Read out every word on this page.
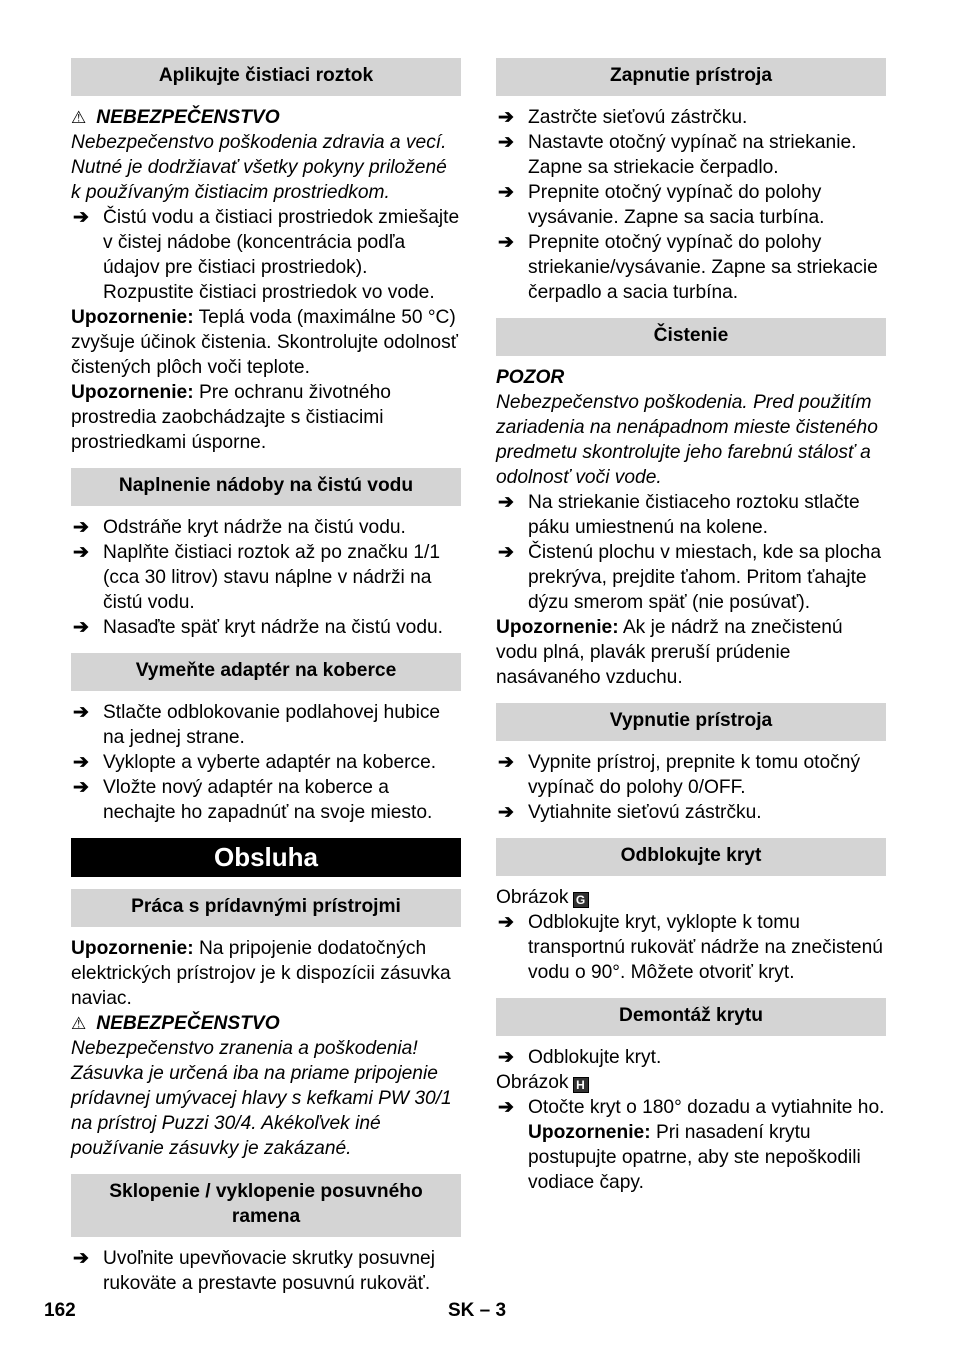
Aplikujte čistiaci roztok

⚠ NEBEZPEČENSTVO

Nebezpečenstvo poškodenia zdravia a vecí. Nutné je dodržiavať všetky pokyny priložené k používaným čistiacim prostriedkom.

➔ Čistú vodu a čistiaci prostriedok zmiešajte v čistej nádobe (koncentrácia podľa údajov pre čistiaci prostriedok). Rozpustite čistiaci prostriedok vo vode.

Upozornenie: Teplá voda (maximálne 50 °C) zvyšuje účinok čistenia. Skontrolujte odolnosť čistených plôch voči teplote.

Upozornenie: Pre ochranu životného prostredia zaobchádzajte s čistiacimi prostriedkami úsporne.

Naplnenie nádoby na čistú vodu

➔ Odstráňe kryt nádrže na čistú vodu.

➔ Naplňte čistiaci roztok až po značku 1/1 (cca 30 litrov) stavu náplne v nádrži na čistú vodu.

➔ Nasaďte späť kryt nádrže na čistú vodu.

Vymeňte adaptér na koberce

➔ Stlačte odblokovanie podlahovej hubice na jednej strane.

➔ Vyklopte a vyberte adaptér na koberce.

➔ Vložte nový adaptér na koberce a nechajte ho zapadnúť na svoje miesto.

Obsluha
Práca s prídavnými prístrojmi

Upozornenie: Na pripojenie dodatočných elektrických prístrojov je k dispozícii zásuvka naviac.

⚠ NEBEZPEČENSTVO

Nebezpečenstvo zranenia a poškodenia! Zásuvka je určená iba na priame pripojenie prídavnej umývacej hlavy s kefkami PW 30/1 na prístroj Puzzi 30/4. Akékoľvek iné používanie zásuvky je zakázané.

Sklopenie / vyklopenie posuvného ramena

➔ Uvoľnite upevňovacie skrutky posuvnej rukoväte a prestavte posuvnú rukoväť.

Zapnutie prístroja

➔ Zastrčte sieťovú zástrčku.

➔ Nastavte otočný vypínač na striekanie. Zapne sa striekacie čerpadlo.

➔ Prepnite otočný vypínač do polohy vysávanie. Zapne sa sacia turbína.

➔ Prepnite otočný vypínač do polohy striekanie/vysávanie. Zapne sa striekacie čerpadlo a sacia turbína.

Čistenie

POZOR

Nebezpečenstvo poškodenia. Pred použitím zariadenia na nenápadnom mieste čisteného predmetu skontrolujte jeho farebnú stálosť a odolnosť voči vode.

➔ Na striekanie čistiaceho roztoku stlačte páku umiestnenú na kolene.

➔ Čistenú plochu v miestach, kde sa plocha prekrýva, prejdite ťahom. Pritom ťahajte dýzu smerom späť (nie posúvať).

Upozornenie: Ak je nádrž na znečistenú vodu plná, plavák preruší prúdenie nasávaného vzduchu.

Vypnutie prístroja

➔ Vypnite prístroj, prepnite k tomu otočný vypínač do polohy 0/OFF.

➔ Vytiahnite sieťovú zástrčku.

Odblokujte kryt

Obrázok G

➔ Odblokujte kryt, vyklopte k tomu transportnú rukoväť nádrže na znečistenú vodu o 90°. Môžete otvoriť kryt.

Demontáž krytu

➔ Odblokujte kryt.

Obrázok H

➔ Otočte kryt o 180° dozadu a vytiahnite ho.

Upozornenie: Pri nasadení krytu postupujte opatrne, aby ste nepoškodili vodiace čapy.

162	SK – 3
